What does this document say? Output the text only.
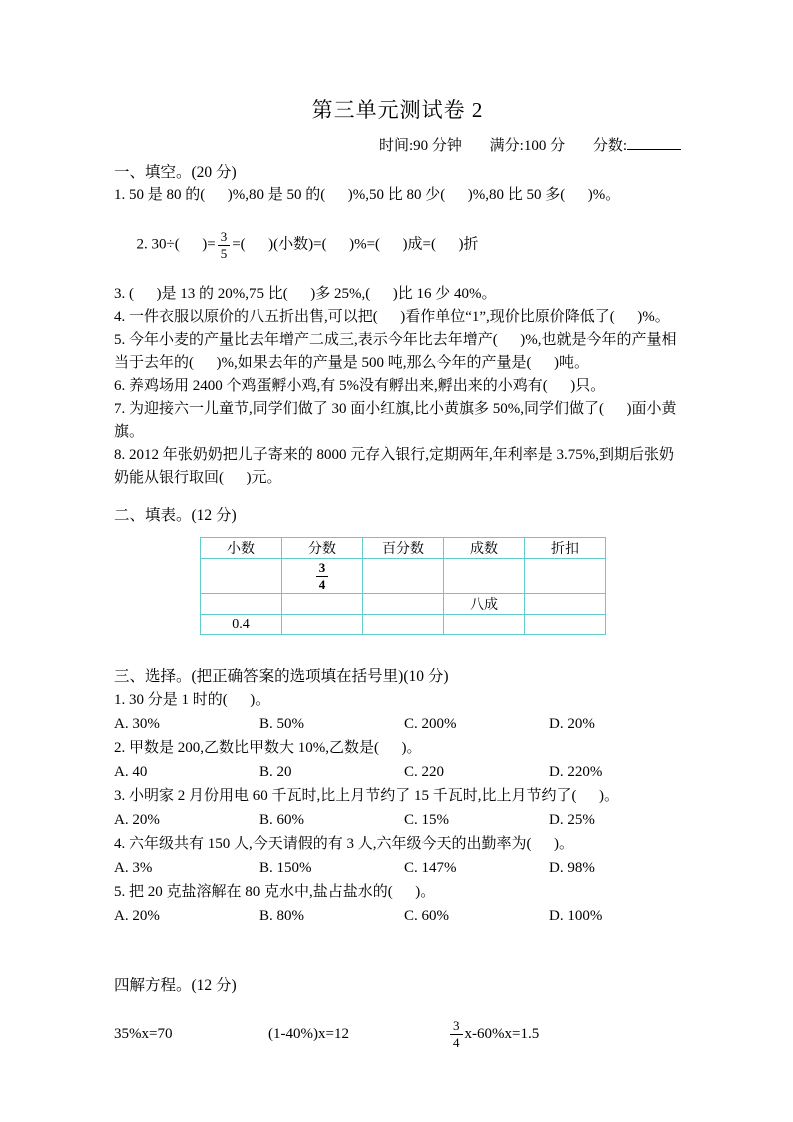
第三单元测试卷 2
时间:90 分钟 满分:100 分 分数:
一、填空。(20 分)
1. 50 是 80 的(      )%,80 是 50 的(      )%,50 比 80 少(      )%,80 比 50 多(      )%。

2. 30÷(      )= $\frac{3}{5}$ =(      )(小数)=(      )%=(      )成=(      )折

3. (      )是 13 的 20%,75 比(      )多 25%,(      )比 16 少 40%。
4. 一件衣服以原价的八五折出售,可以把(      )看作单位“1”,现价比原价降低了(      )%。
5. 今年小麦的产量比去年增产二成三,表示今年比去年增产(      )%,也就是今年的产量相当于去年的(      )%,如果去年的产量是 500 吨,那么今年的产量是(      )吨。
6. 养鸡场用 2400 个鸡蛋孵小鸡,有 5%没有孵出来,孵出来的小鸡有(      )只。
7. 为迎接六一儿童节,同学们做了 30 面小红旗,比小黄旗多 50%,同学们做了(      )面小黄旗。
8. 2012 年张奶奶把儿子寄来的 8000 元存入银行,定期两年,年利率是 3.75%,到期后张奶奶能从银行取回(      )元。
二、填表。(12 分)
小数	分数	百分数	成数	折扣

	$\frac{3}{4}$

			八成	
0.4				
三、选择。(把正确答案的选项填在括号里)(10 分)
1. 30 分是 1 时的(      )。
A. 30%	B. 50%	C. 200%	D. 20%
2. 甲数是 200,乙数比甲数大 10%,乙数是(      )。
A. 40	B. 20	C. 220	D. 220%
3. 小明家 2 月份用电 60 千瓦时,比上月节约了 15 千瓦时,比上月节约了(      )。
A. 20%	B. 60%	C. 15%	D. 25%
4. 六年级共有 150 人,今天请假的有 3 人,六年级今天的出勤率为(      )。
A. 3%	B. 150%	C. 147%	D. 98%
5. 把 20 克盐溶解在 80 克水中,盐占盐水的(      )。
A. 20%	B. 80%	C. 60%	D. 100%
四解方程。(12 分)
35%x=70	(1-40%)x=12	$\frac{3}{4} x-60\%x=1.5$
